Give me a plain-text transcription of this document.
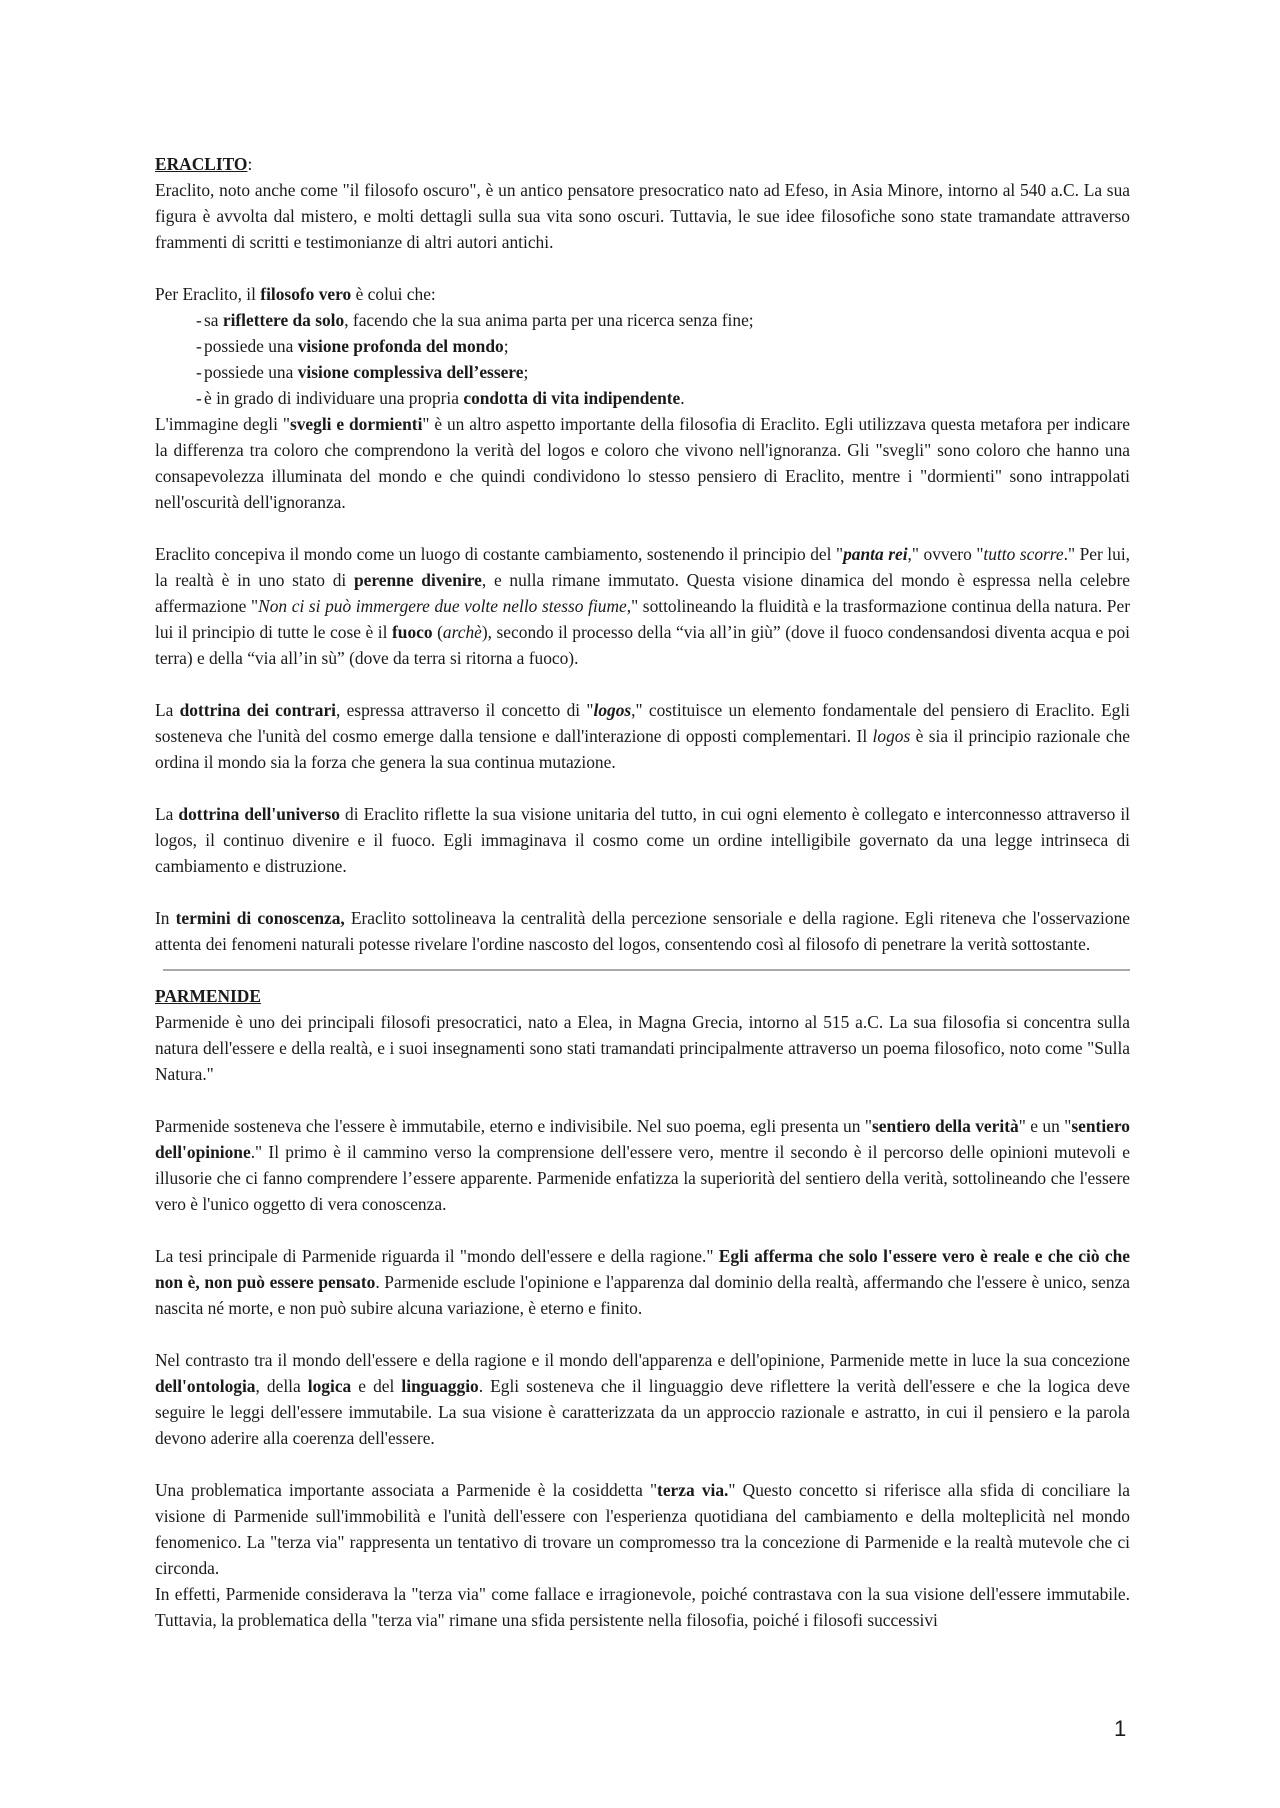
ERACLITO:

Eraclito, noto anche come "il filosofo oscuro", è un antico pensatore presocratico nato ad Efeso, in Asia Minore, intorno al 540 a.C. La sua figura è avvolta dal mistero, e molti dettagli sulla sua vita sono oscuri. Tuttavia, le sue idee filosofiche sono state tramandate attraverso frammenti di scritti e testimonianze di altri autori antichi.

Per Eraclito, il filosofo vero è colui che:

- sa riflettere da solo, facendo che la sua anima parta per una ricerca senza fine;
- possiede una visione profonda del mondo;
- possiede una visione complessiva dell’essere;
- è in grado di individuare una propria condotta di vita indipendente.

L'immagine degli "svegli e dormienti" è un altro aspetto importante della filosofia di Eraclito. Egli utilizzava questa metafora per indicare la differenza tra coloro che comprendono la verità del logos e coloro che vivono nell'ignoranza. Gli "svegli" sono coloro che hanno una consapevolezza illuminata del mondo e che quindi condividono lo stesso pensiero di Eraclito, mentre i "dormienti" sono intrappolati nell'oscurità dell'ignoranza.

Eraclito concepiva il mondo come un luogo di costante cambiamento, sostenendo il principio del "panta rei," ovvero "tutto scorre." Per lui, la realtà è in uno stato di perenne divenire, e nulla rimane immutato. Questa visione dinamica del mondo è espressa nella celebre affermazione "Non ci si può immergere due volte nello stesso fiume," sottolineando la fluidità e la trasformazione continua della natura. Per lui il principio di tutte le cose è il fuoco (archè), secondo il processo della “via all’in giù” (dove il fuoco condensandosi diventa acqua e poi terra) e della “via all’in sù” (dove da terra si ritorna a fuoco).

La dottrina dei contrari, espressa attraverso il concetto di "logos," costituisce un elemento fondamentale del pensiero di Eraclito. Egli sosteneva che l'unità del cosmo emerge dalla tensione e dall'interazione di opposti complementari. Il logos è sia il principio razionale che ordina il mondo sia la forza che genera la sua continua mutazione.

La dottrina dell'universo di Eraclito riflette la sua visione unitaria del tutto, in cui ogni elemento è collegato e interconnesso attraverso il logos, il continuo divenire e il fuoco. Egli immaginava il cosmo come un ordine intelligibile governato da una legge intrinseca di cambiamento e distruzione.

In termini di conoscenza, Eraclito sottolineava la centralità della percezione sensoriale e della ragione. Egli riteneva che l'osservazione attenta dei fenomeni naturali potesse rivelare l'ordine nascosto del logos, consentendo così al filosofo di penetrare la verità sottostante.

PARMENIDE

Parmenide è uno dei principali filosofi presocratici, nato a Elea, in Magna Grecia, intorno al 515 a.C. La sua filosofia si concentra sulla natura dell'essere e della realtà, e i suoi insegnamenti sono stati tramandati principalmente attraverso un poema filosofico, noto come "Sulla Natura."

Parmenide sosteneva che l'essere è immutabile, eterno e indivisibile. Nel suo poema, egli presenta un "sentiero della verità" e un "sentiero dell'opinione." Il primo è il cammino verso la comprensione dell'essere vero, mentre il secondo è il percorso delle opinioni mutevoli e illusorie che ci fanno comprendere l’essere apparente. Parmenide enfatizza la superiorità del sentiero della verità, sottolineando che l'essere vero è l'unico oggetto di vera conoscenza.

La tesi principale di Parmenide riguarda il "mondo dell'essere e della ragione." Egli afferma che solo l'essere vero è reale e che ciò che non è, non può essere pensato. Parmenide esclude l'opinione e l'apparenza dal dominio della realtà, affermando che l'essere è unico, senza nascita né morte, e non può subire alcuna variazione, è eterno e finito.

Nel contrasto tra il mondo dell'essere e della ragione e il mondo dell'apparenza e dell'opinione, Parmenide mette in luce la sua concezione dell'ontologia, della logica e del linguaggio. Egli sosteneva che il linguaggio deve riflettere la verità dell'essere e che la logica deve seguire le leggi dell'essere immutabile. La sua visione è caratterizzata da un approccio razionale e astratto, in cui il pensiero e la parola devono aderire alla coerenza dell'essere.

Una problematica importante associata a Parmenide è la cosiddetta "terza via." Questo concetto si riferisce alla sfida di conciliare la visione di Parmenide sull'immobilità e l'unità dell'essere con l'esperienza quotidiana del cambiamento e della molteplicità nel mondo fenomenico. La "terza via" rappresenta un tentativo di trovare un compromesso tra la concezione di Parmenide e la realtà mutevole che ci circonda.

In effetti, Parmenide considerava la "terza via" come fallace e irragionevole, poiché contrastava con la sua visione dell'essere immutabile. Tuttavia, la problematica della "terza via" rimane una sfida persistente nella filosofia, poiché i filosofi successivi

1
